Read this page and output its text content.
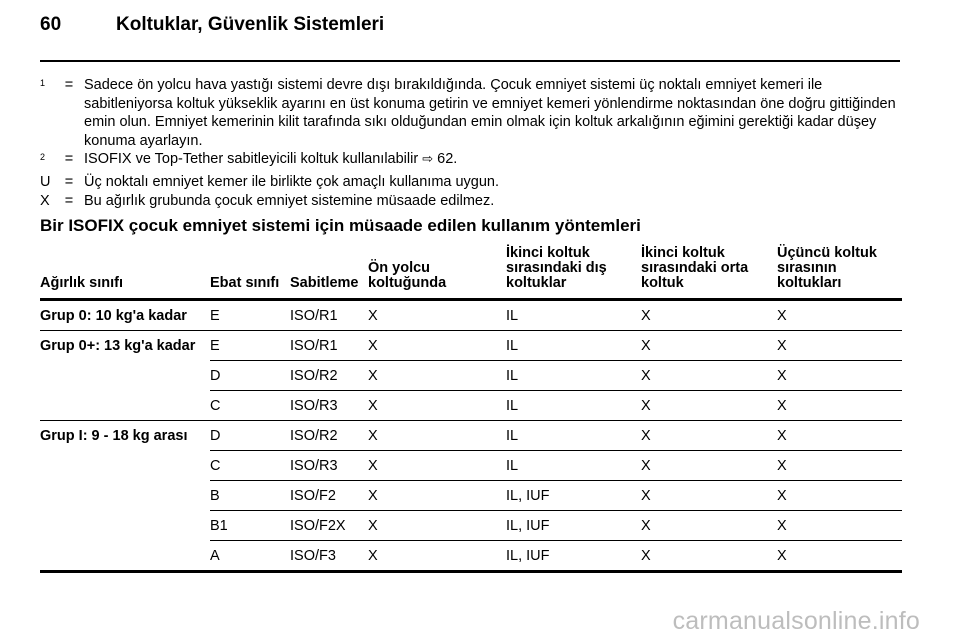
60	Koltuklar, Güvenlik Sistemleri
$^1$	= Sadece ön yolcu hava yastığı sistemi devre dışı bırakıldığında. Çocuk emniyet sistemi üç noktalı emniyet kemeri ile sabitleniyorsa koltuk yükseklik ayarını en üst konuma getirin ve emniyet kemeri yönlendirme noktasından öne doğru gittiğinden emin olun. Emniyet kemerinin kilit tarafında sıkı olduğundan emin olmak için koltuk arkalığının eğimini gerektiği kadar düşey konuma ayarlayın.
$^2$	= ISOFIX ve Top-Tether sabitleyicili koltuk kullanılabilir ⇨ 62.
U = Üç noktalı emniyet kemer ile birlikte çok amaçlı kullanıma uygun.
X	= Bu ağırlık grubunda çocuk emniyet sistemine müsaade edilmez.
Bir ISOFIX çocuk emniyet sistemi için müsaade edilen kullanım yöntemleri
Ağırlık sınıfı	Ebat sınıfı	Sabitleme	Ön yolcu koltuğunda	İkinci koltuk sırasındaki dış koltuklar	İkinci koltuk sırasındaki orta koltuk	Üçüncü koltuk sırasının koltukları
Grup 0: 10 kg'a kadar	E	ISO/R1	X	IL	X	X
Grup 0+: 13 kg'a kadar	E	ISO/R1	X	IL	X	X
	D	ISO/R2	X	IL	X	X
	C	ISO/R3	X	IL	X	X
Grup I: 9 - 18 kg arası	D	ISO/R2	X	IL	X	X
	C	ISO/R3	X	IL	X	X
	B	ISO/F2	X	IL, IUF	X	X
	B1	ISO/F2X	X	IL, IUF	X	X
	A	ISO/F3	X	IL, IUF	X	X
carmanualsonline.info
